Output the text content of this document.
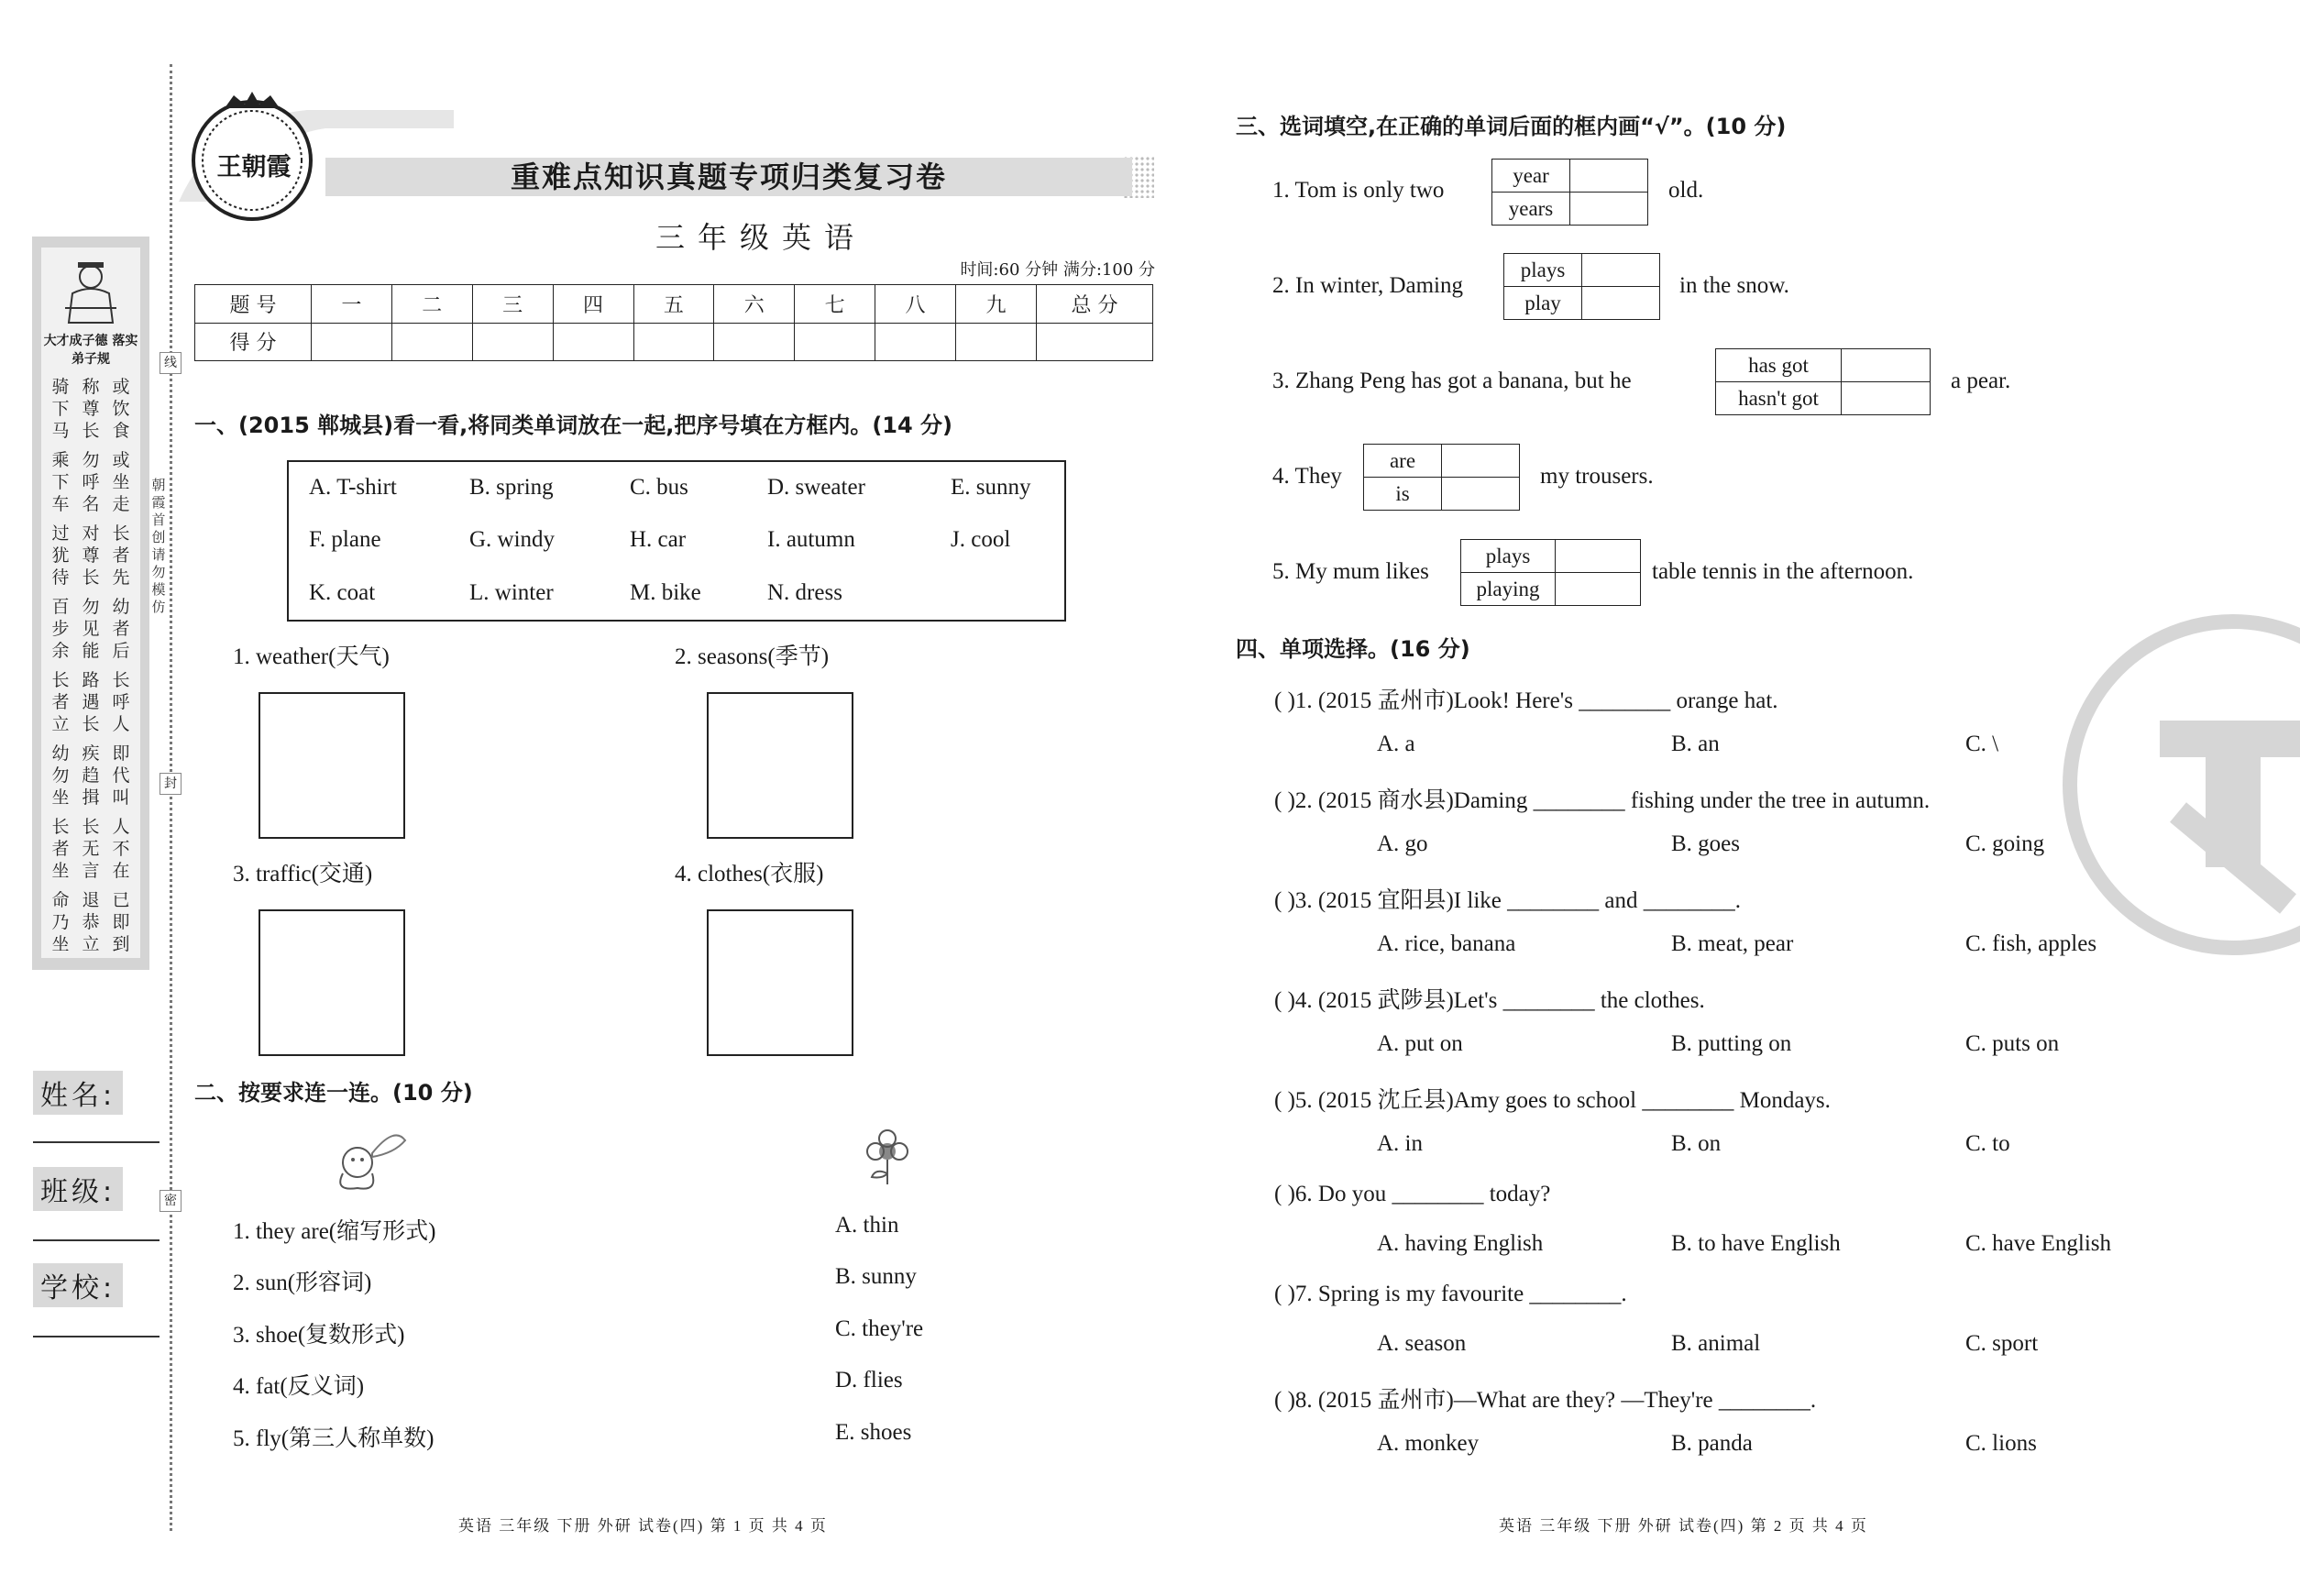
大才成子德 落实弟子规
骑下马
称尊长
或饮食
乘下车
勿呼名
或坐走
过犹待
对尊长
长者先
百步余
勿见能
幼者后
长者立
路遇长
长呼人
幼勿坐
疾趋揖
即代叫
长者坐
长无言
人不在
命乃坐
退恭立
已即到
线
封
密
朝霞首创 请勿模仿
姓名:
班级:
学校:
王朝霞	重难点知识真题专项归类复习卷
三年级英语
时间:60 分钟 满分:100 分
题 号	一	二	三	四	五	六	七	八	九	总 分
得 分										
一、(2015 郸城县)看一看,将同类单词放在一起,把序号填在方框内。(14 分)
A. T-shirt	B. spring	C. bus	D. sweater	E. sunny
F. plane	G. windy	H. car	I. autumn	J. cool
K. coat	L. winter	M. bike	N. dress
1. weather(天气)	2. seasons(季节)
3. traffic(交通)	4. clothes(衣服)
二、按要求连一连。(10 分)
1. they are(缩写形式)
2. sun(形容词)
3. shoe(复数形式)
4. fat(反义词)
5. fly(第三人称单数)
A. thin
B. sunny
C. they're
D. flies
E. shoes
英语 三年级 下册 外研 试卷(四) 第 1 页 共 4 页
三、选词填空,在正确的单词后面的框内画“√”。(10 分)
1. Tom is only two
year	
years	
old.
2. In winter, Daming
plays	
play	
in the snow.
3. Zhang Peng has got a banana, but he
has got	
hasn't got	
a pear.
4. They
are	
is	
my trousers.
5. My mum likes
plays	
playing	
table tennis in the afternoon.
四、单项选择。(16 分)
( )1. (2015 孟州市)Look! Here's ________ orange hat.
A. a	B. an	C. \
( )2. (2015 商水县)Daming ________ fishing under the tree in autumn.
A. go	B. goes	C. going
( )3. (2015 宜阳县)I like ________ and ________.
A. rice, banana	B. meat, pear	C. fish, apples
( )4. (2015 武陟县)Let's ________ the clothes.
A. put on	B. putting on	C. puts on
( )5. (2015 沈丘县)Amy goes to school ________ Mondays.
A. in	B. on	C. to
( )6. Do you ________ today?
A. having English	B. to have English	C. have English
( )7. Spring is my favourite ________.
A. season	B. animal	C. sport
( )8. (2015 孟州市)—What are they? —They're ________.
A. monkey	B. panda	C. lions
英语 三年级 下册 外研 试卷(四) 第 2 页 共 4 页
